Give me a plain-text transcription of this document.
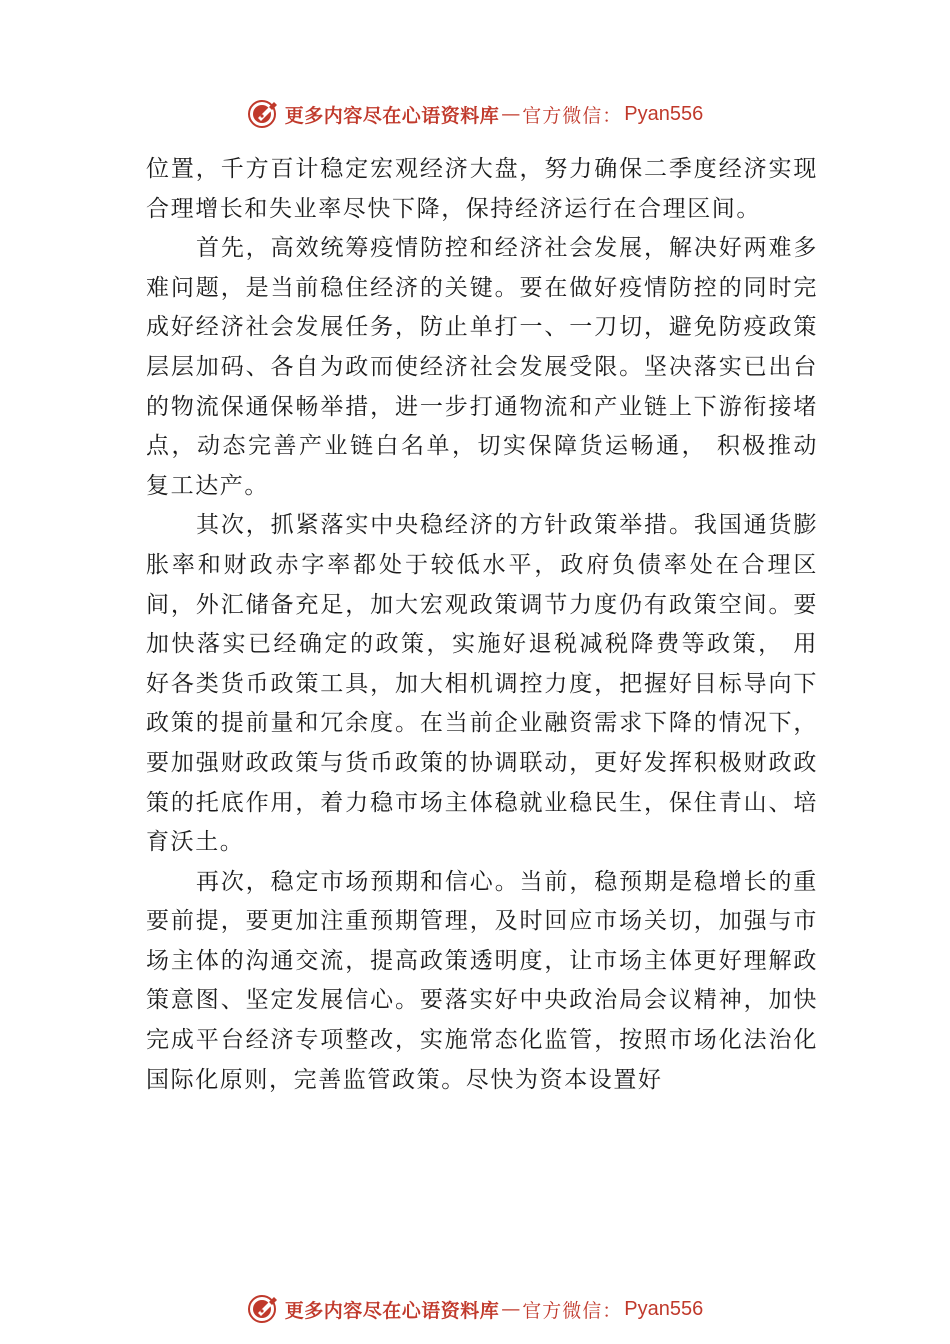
更多内容尽在心语资料库 — 官方微信： Pyan556

位置，千方百计稳定宏观经济大盘，努力确保二季度经济实现合理增长和失业率尽快下降，保持经济运行在合理区间。

首先，高效统筹疫情防控和经济社会发展，解决好两难多难问题，是当前稳住经济的关键。要在做好疫情防控的同时完成好经济社会发展任务，防止单打一、一刀切，避免防疫政策层层加码、各自为政而使经济社会发展受限。坚决落实已出台的物流保通保畅举措，进一步打通物流和产业链上下游衔接堵点，动态完善产业链白名单，切实保障货运畅通， 积极推动复工达产。

其次，抓紧落实中央稳经济的方针政策举措。我国通货膨胀率和财政赤字率都处于较低水平，政府负债率处在合理区间，外汇储备充足，加大宏观政策调节力度仍有政策空间。要加快落实已经确定的政策，实施好退税减税降费等政策， 用好各类货币政策工具，加大相机调控力度，把握好目标导向下政策的提前量和冗余度。在当前企业融资需求下降的情况下，要加强财政政策与货币政策的协调联动，更好发挥积极财政政策的托底作用，着力稳市场主体稳就业稳民生，保住青山、培育沃土。

再次，稳定市场预期和信心。当前，稳预期是稳增长的重要前提，要更加注重预期管理，及时回应市场关切，加强与市场主体的沟通交流，提高政策透明度，让市场主体更好理解政策意图、坚定发展信心。要落实好中央政治局会议精神，加快完成平台经济专项整改，实施常态化监管，按照市场化法治化国际化原则，完善监管政策。尽快为资本设置好

更多内容尽在心语资料库 — 官方微信： Pyan556
